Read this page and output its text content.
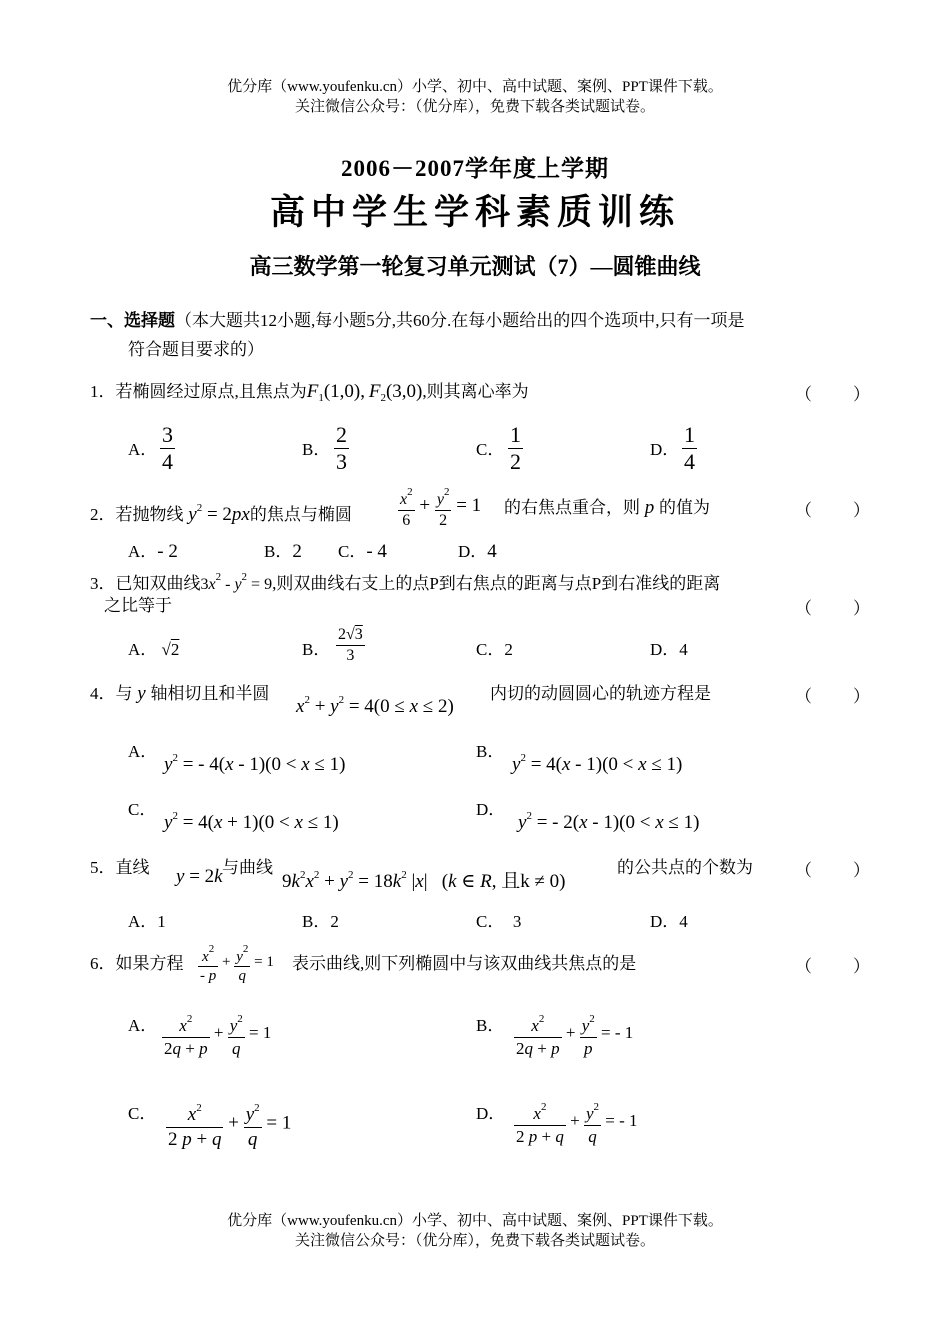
优分库（www.youfenku.cn）小学、初中、高中试题、案例、PPT课件下载。
关注微信公众号：（优分库），免费下载各类试题试卷。
2006－2007学年度上学期
高中学生学科素质训练
高三数学第一轮复习单元测试（7）—圆锥曲线
一、选择题（本大题共12小题,每小题5分,共60分.在每小题给出的四个选项中,只有一项是
符合题目要求的）
1．若椭圆经过原点,且焦点为$F_1(1,0)$, $F_2(3,0)$,则其离心率为	（　）
A． $\frac{3}{4}$	B． $\frac{2}{3}$	C． $\frac{1}{2}$	D． $\frac{1}{4}$
2．若抛物线 $y^2 = 2px$的焦点与椭圆	$\frac{x^2}{6} + \frac{y^2}{2} = 1$ 的右焦点重合，则 p 的值为	（　）
A．- 2	B．2 C．- 4	D．4
3．已知双曲线$3x^2 - y^2 = 9$,则双曲线右支上的点P到右焦点的距离与点P到右准线的距离
之比等于	（　）
A． √2	B． $\frac{2√3}{3}$	C．2	D．4
4．与 y 轴相切且和半圆
$x^2 + y^2 = 4(0 \le x \le 2)$
内切的动圆圆心的轨迹方程是	（　）
A．
$y^2$ = - 4(x - 1)(0 < x ≤ 1)
B．
$y^2 = 4(x - 1)(0 < x \le 1)$
C．
$y^2 = 4(x + 1)(0 < x \le 1)$
D．
$y^2$ = - 2(x - 1)(0 < x ≤ 1)
5．直线 y = 2k 与曲线
$9k^2x^2 + y^2 = 18k^2$ |x|   (k ∈ R, 且k ≠ 0)
的公共点的个数为 （　）
A．1	B．2	C． 3	D．4
6．如果方程 $\frac{x^2}{- p} + \frac{y^2}{q} = 1$ 表示曲线,则下列椭圆中与该双曲线共焦点的是	（　）
A． $\frac{x^2}{2q + p} + \frac{y^2}{q} = 1$	B． $\frac{x^2}{2q + p} + \frac{y^2}{p}$ = - 1
C． $\frac{x^2}{2 p + q} + \frac{y^2}{q} = 1$	D． $\frac{x^2}{2 p + q} + \frac{y^2}{q}$ = - 1
优分库（www.youfenku.cn）小学、初中、高中试题、案例、PPT课件下载。
关注微信公众号：（优分库），免费下载各类试题试卷。
